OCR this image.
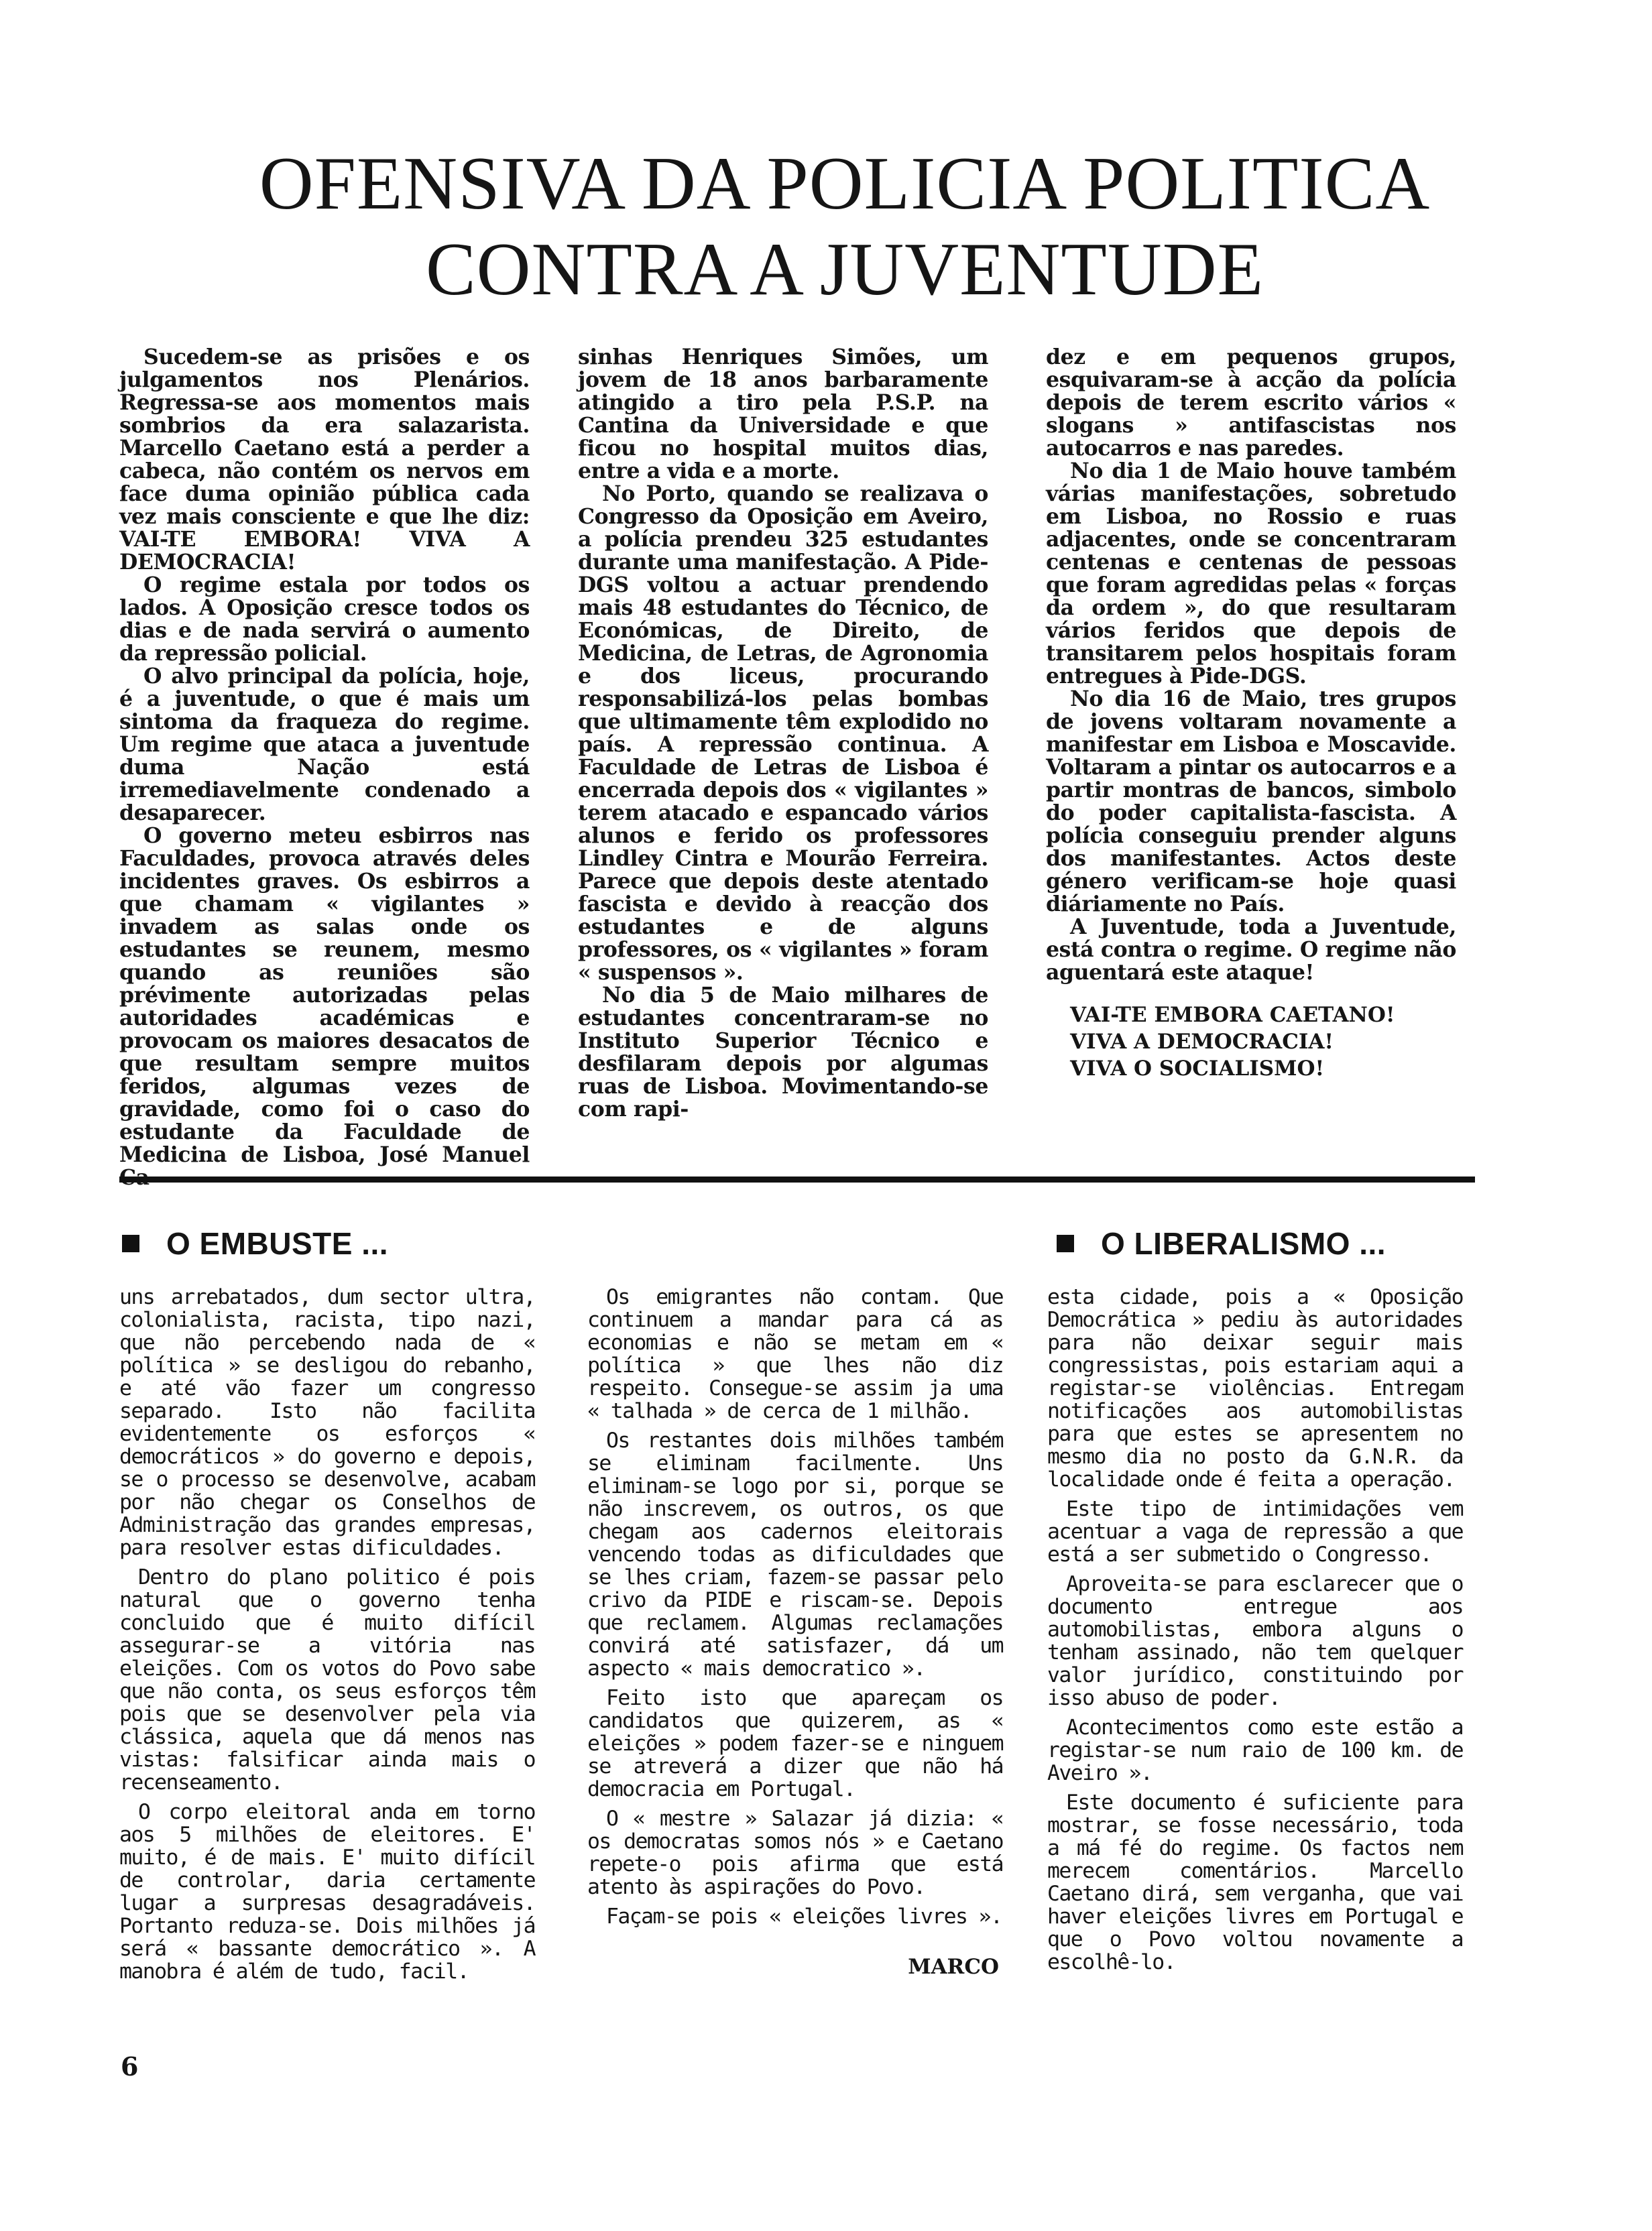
OFENSIVA DA POLICIA POLITICA
CONTRA A JUVENTUDE

Sucedem-se as prisões e os julgamentos nos Plenários. Regressa-se aos momentos mais sombrios da era salazarista. Marcello Caetano está a perder a cabeca, não contém os nervos em face duma opinião pública cada vez mais consciente e que lhe diz: VAI-TE EMBORA! VIVA A DEMOCRACIA!

O regime estala por todos os lados. A Oposição cresce todos os dias e de nada servirá o aumento da repressão policial.

O alvo principal da polícia, hoje, é a juventude, o que é mais um sintoma da fraqueza do regime. Um regime que ataca a juventude duma Nação está irremediavelmente condenado a desaparecer.

O governo meteu esbirros nas Faculdades, provoca através deles incidentes graves. Os esbirros a que chamam « vigilantes » invadem as salas onde os estudantes se reunem, mesmo quando as reuniões são prévimente autorizadas pelas autoridades académicas e provocam os maiores desacatos de que resultam sempre muitos feridos, algumas vezes de gravidade, como foi o caso do estudante da Faculdade de Medicina de Lisboa, José Manuel

sinhas Henriques Simões, um jovem de 18 anos barbaramente atingido a tiro pela P.S.P. na Cantina da Universidade e que ficou no hospital muitos dias, entre a vida e a morte.

No Porto, quando se realizava o Congresso da Oposição em Aveiro, a polícia prendeu 325 estudantes durante uma manifestação. A Pide-DGS voltou a actuar prendendo mais 48 estudantes do Técnico, de Económicas, de Direito, de Medicina, de Letras, de Agronomia e dos liceus, procurando responsabilizá-los pelas bombas que ultimamente têm explodido no país. A repressão continua. A Faculdade de Letras de Lisboa é encerrada depois dos « vigilantes » terem atacado e espancado vários alunos e ferido os professores Lindley Cintra e Mourão Ferreira. Parece que depois deste atentado fascista e devido à reacção dos estudantes e de alguns professores, os « vigilantes » foram « suspensos ».

No dia 5 de Maio milhares de estudantes concentraram-se no Instituto Superior Técnico e desfilaram depois por algumas ruas de Lisboa. Movimentando-se com rapi-

dez e em pequenos grupos, esquivaram-se à acção da polícia depois de terem escrito vários « slogans » antifascistas nos autocarros e nas paredes.

No dia 1 de Maio houve também várias manifestações, sobretudo em Lisboa, no Rossio e ruas adjacentes, onde se concentraram centenas e centenas de pessoas que foram agredidas pelas « forças da ordem », do que resultaram vários feridos que depois de transitarem pelos hospitais foram entregues à Pide-DGS.

No dia 16 de Maio, tres grupos de jovens voltaram novamente a manifestar em Lisboa e Moscavide. Voltaram a pintar os autocarros e a partir montras de bancos, simbolo do poder capitalista-fascista. A polícia conseguiu prender alguns dos manifestantes. Actos deste género verificam-se hoje quasi diáriamente no País.

A Juventude, toda a Juventude, está contra o regime. O regime não aguentará este ataque!

VAI-TE EMBORA CAETANO!
VIVA A DEMOCRACIA!
VIVA O SOCIALISMO!
O EMBUSTE ...	O LIBERALISMO ...

uns arrebatados, dum sector ultra, colonialista, racista, tipo nazi, que não percebendo nada de « política » se desligou do rebanho, e até vão fazer um congresso separado. Isto não facilita evidentemente os esforços « democráticos » do governo e depois, se o processo se desenvolve, acabam por não chegar os Conselhos de Administração das grandes empresas, para resolver estas dificuldades.

Dentro do plano politico é pois natural que o governo tenha concluido que é muito difícil assegurar-se a vitória nas eleições. Com os votos do Povo sabe que não conta, os seus esforços têm pois que se desenvolver pela via clássica, aquela que dá menos nas vistas: falsificar ainda mais o recenseamento.

O corpo eleitoral anda em torno aos 5 milhões de eleitores. E' muito, é de mais. E' muito difícil de controlar, daria certamente lugar a surpresas desagradáveis. Portanto reduza-se. Dois milhões já será « bassante democrático ». A manobra é além de tudo, facil.

Os emigrantes não contam. Que continuem a mandar para cá as economias e não se metam em « política » que lhes não diz respeito. Consegue-se assim ja uma « talhada » de cerca de 1 milhão.

Os restantes dois milhões também se eliminam facilmente. Uns eliminam-se logo por si, porque se não inscrevem, os outros, os que chegam aos cadernos eleitorais vencendo todas as dificuldades que se lhes criam, fazem-se passar pelo crivo da PIDE e riscam-se. Depois que reclamem. Algumas reclamações convirá até satisfazer, dá um aspecto « mais democratico ».

Feito isto que apareçam os candidatos que quizerem, as « eleições » podem fazer-se e ninguem se atreverá a dizer que não há democracia em Portugal.

O « mestre » Salazar já dizia: « os democratas somos nós » e Caetano repete-o pois afirma que está atento às aspirações do Povo.

Façam-se pois « eleições livres ».

MARCO

esta cidade, pois a « Oposição Democrática » pediu às autoridades para não deixar seguir mais congressistas, pois estariam aqui a registar-se violências. Entregam notificações aos automobilistas para que estes se apresentem no mesmo dia no posto da G.N.R. da localidade onde é feita a operação.

Este tipo de intimidações vem acentuar a vaga de repressão a que está a ser submetido o Congresso.

Aproveita-se para esclarecer que o documento entregue aos automobilistas, embora alguns o tenham assinado, não tem quelquer valor jurídico, constituindo por isso abuso de poder.

Acontecimentos como este estão a registar-se num raio de 100 km. de Aveiro ».

Este documento é suficiente para mostrar, se fosse necessário, toda a má fé do regime. Os factos nem merecem comentários. Marcello Caetano dirá, sem verganha, que vai haver eleições livres em Portugal e que o Povo voltou novamente a escolhê-lo.

6
